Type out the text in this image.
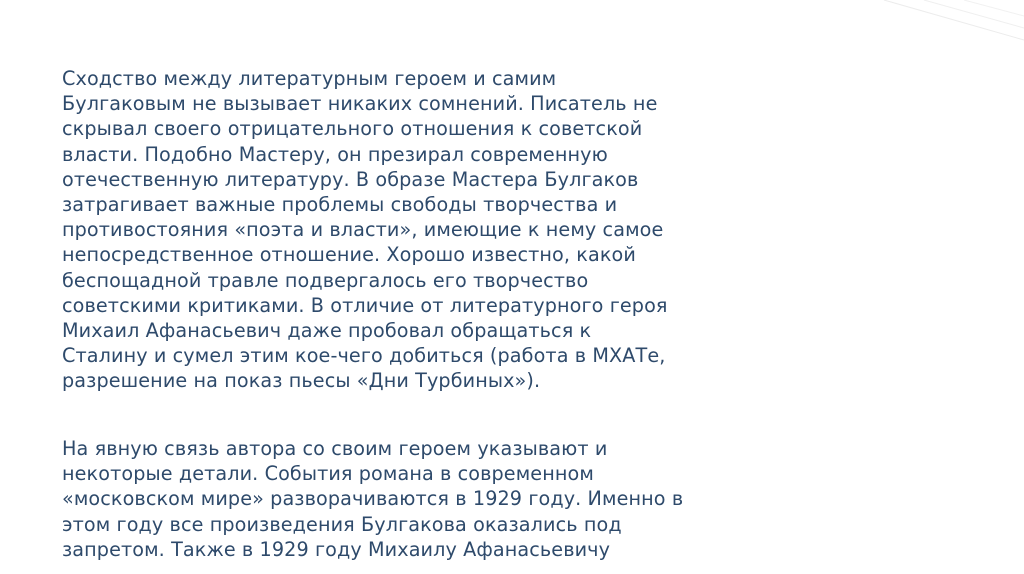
Сходство между литературным героем и самим
Булгаковым не вызывает никаких сомнений. Писатель не
скрывал своего отрицательного отношения к советской
власти. Подобно Мастеру, он презирал современную
отечественную литературу. В образе Мастера Булгаков
затрагивает важные проблемы свободы творчества и
противостояния «поэта и власти», имеющие к нему самое
непосредственное отношение. Хорошо известно, какой
беспощадной травле подвергалось его творчество
советскими критиками. В отличие от литературного героя
Михаил Афанасьевич даже пробовал обращаться к
Сталину и сумел этим кое-чего добиться (работа в МХАТе,
разрешение на показ пьесы «Дни Турбиных»).
На явную связь автора со своим героем указывают и
некоторые детали. События романа в современном
«московском мире» разворачиваются в 1929 году. Именно в
этом году все произведения Булгакова оказались под
запретом. Также в 1929 году Михаилу Афанасьевичу
